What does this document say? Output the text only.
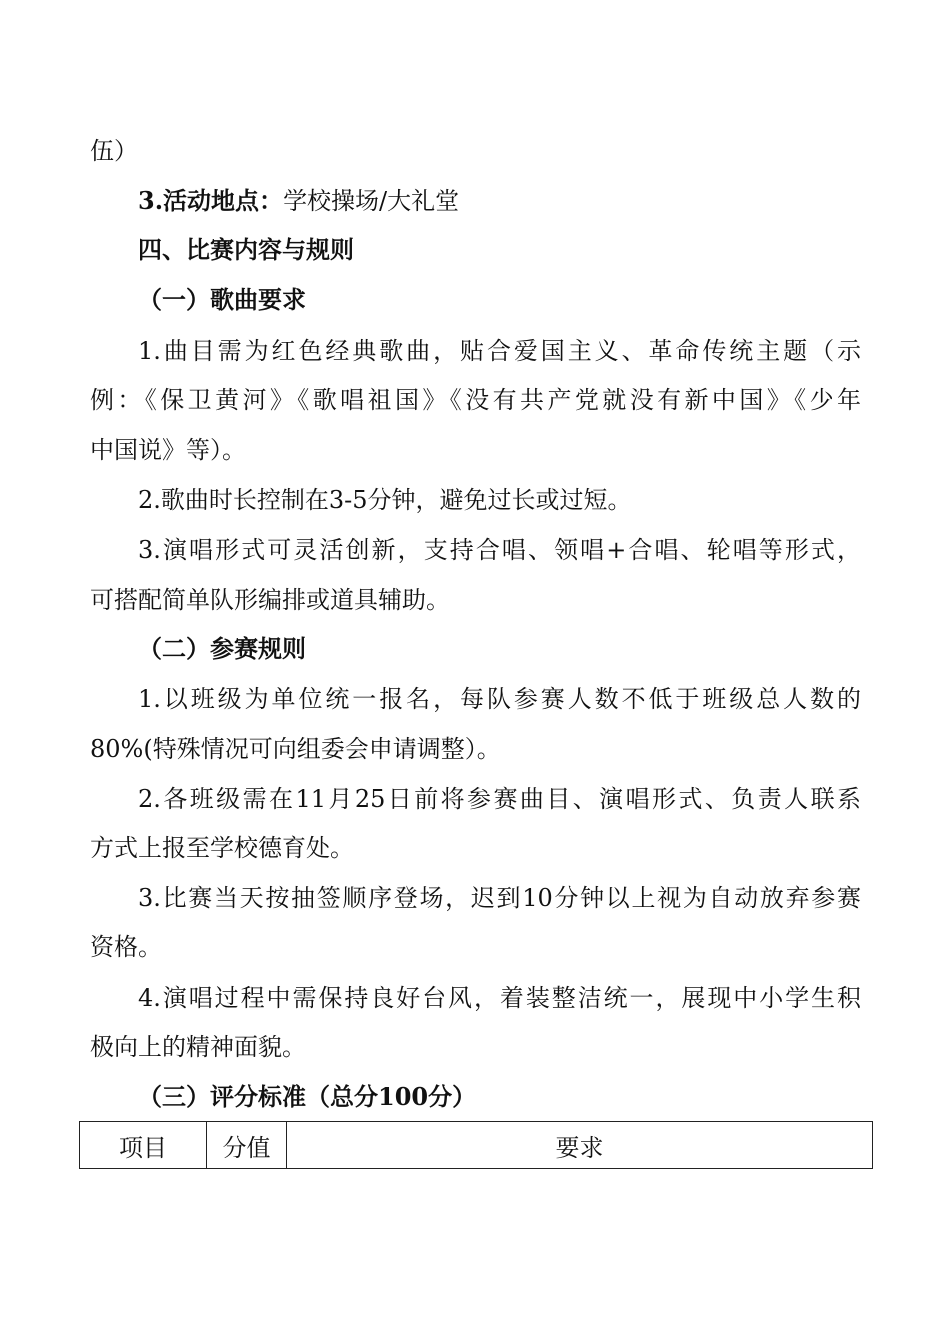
伍）
3.活动地点：学校操场/大礼堂
四、比赛内容与规则
（一）歌曲要求
1.曲目需为红色经典歌曲，贴合爱国主义、革命传统主题（示
例：《保卫黄河》《歌唱祖国》《没有共产党就没有新中国》《少年
中国说》等）。
2.歌曲时长控制在3-5分钟，避免过长或过短。
3.演唱形式可灵活创新，支持合唱、领唱+合唱、轮唱等形式，
可搭配简单队形编排或道具辅助。
（二）参赛规则
1.以班级为单位统一报名，每队参赛人数不低于班级总人数的
80%(特殊情况可向组委会申请调整）。
2.各班级需在11月25日前将参赛曲目、演唱形式、负责人联系
方式上报至学校德育处。
3.比赛当天按抽签顺序登场，迟到10分钟以上视为自动放弃参赛
资格。
4.演唱过程中需保持良好台风，着装整洁统一，展现中小学生积
极向上的精神面貌。
（三）评分标准（总分100分）
项目	分值	要求
